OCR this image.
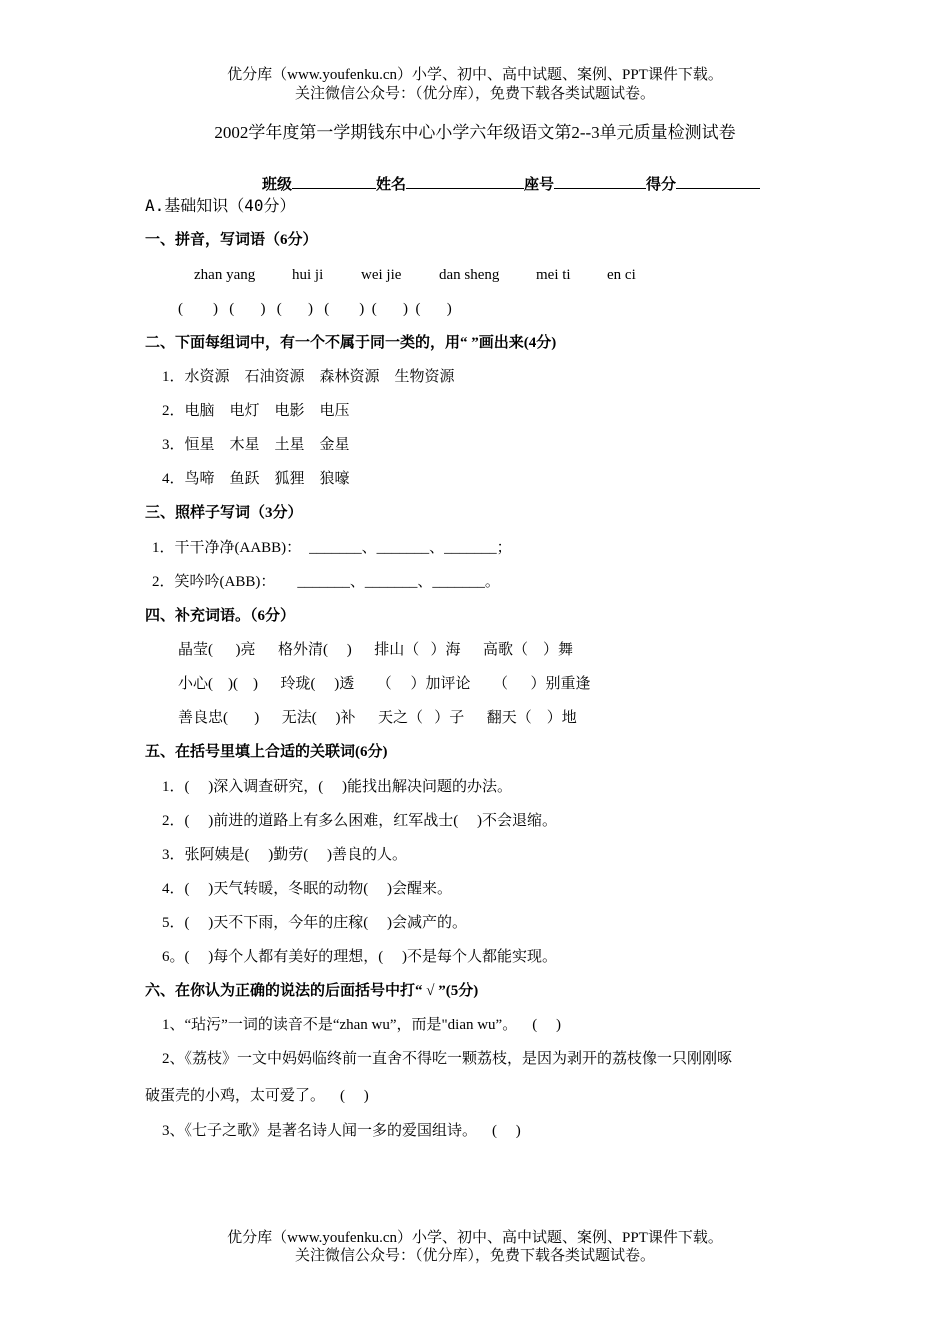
优分库（www.youfenku.cn）小学、初中、高中试题、案例、PPT课件下载。
关注微信公众号：（优分库），免费下载各类试题试卷。
2002学年度第一学期钱东中心小学六年级语文第2--3单元质量检测试卷
班级	姓名	座号	得分
A.基础知识（40分）
一、拼音，写词语（6分）
zhan yang hui ji	wei jie	dan sheng mei ti en ci
(        )   (       )   (       )   (        )  (       )  (       )
二、下面每组词中，有一个不属于同一类的，用“ ”画出来(4分)
1．水资源    石油资源    森林资源    生物资源
2．电脑    电灯    电影    电压
3．恒星    木星    土星    金星
4．鸟啼    鱼跃    狐狸    狼嚎
三、照样子写词（3分）
1．干干净净(AABB)： _______、_______、_______；
2．笑吟吟(ABB)： _______、_______、_______。
四、补充词语。（6分）
晶莹(      )亮      格外清(     )      排山（   ）海      高歌（    ）舞
小心(    )(    )      玲珑(     )透      （     ）加评论      （      ）别重逢
善良忠(       )      无法(     )补      天之（   ）子      翻天（    ）地
五、在括号里填上合适的关联词(6分)
1．(     )深入调查研究，(     )能找出解决问题的办法。
2．(     )前进的道路上有多么困难，红军战士(     )不会退缩。
3．张阿姨是(     )勤劳(     )善良的人。
4．(     )天气转暖，冬眠的动物(     )会醒来。
5．(     )天不下雨，今年的庄稼(     )会减产的。
6。(     )每个人都有美好的理想，(     )不是每个人都能实现。
六、在你认为正确的说法的后面括号中打“ √ ”(5分)
1、“玷污”一词的读音不是“zhan wu”，而是"dian wu”。    (     )
2、《荔枝》一文中妈妈临终前一直舍不得吃一颗荔枝，是因为剥开的荔枝像一只刚刚啄
破蛋壳的小鸡，太可爱了。    (     )
3、《七子之歌》是著名诗人闻一多的爱国组诗。    (     )
优分库（www.youfenku.cn）小学、初中、高中试题、案例、PPT课件下载。
关注微信公众号：（优分库），免费下载各类试题试卷。
